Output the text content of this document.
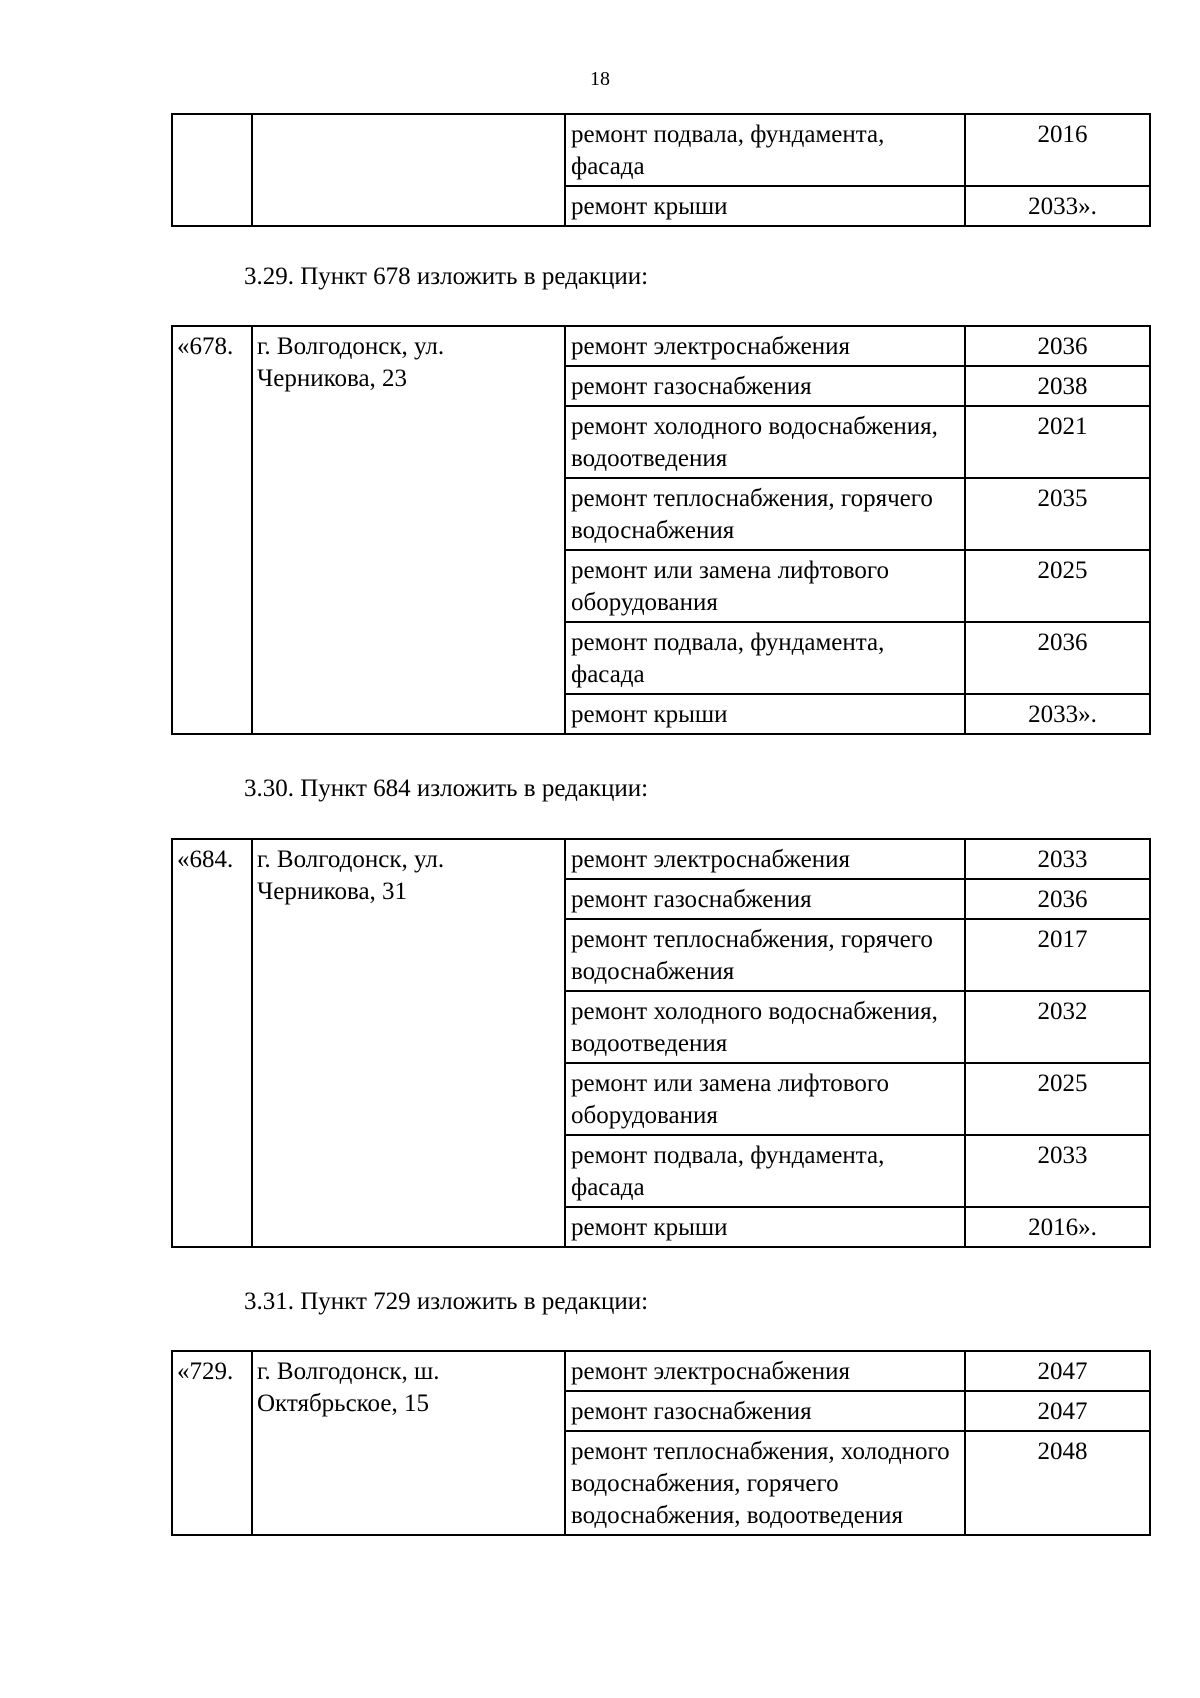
18
		ремонт подвала, фундамента, фасада	2016
		ремонт крыши	2033».
3.29. Пункт 678 изложить в редакции:
«678.	г. Волгодонск, ул. Черникова, 23	ремонт электроснабжения	2036
		ремонт газоснабжения	2038
		ремонт холодного водоснабжения, водоотведения	2021
		ремонт теплоснабжения, горячего водоснабжения	2035
		ремонт или замена лифтового оборудования	2025
		ремонт подвала, фундамента, фасада	2036
		ремонт крыши	2033».
3.30. Пункт 684 изложить в редакции:
«684.	г. Волгодонск, ул. Черникова, 31	ремонт электроснабжения	2033
		ремонт газоснабжения	2036
		ремонт теплоснабжения, горячего водоснабжения	2017
		ремонт холодного водоснабжения, водоотведения	2032
		ремонт или замена лифтового оборудования	2025
		ремонт подвала, фундамента, фасада	2033
		ремонт крыши	2016».
3.31. Пункт 729 изложить в редакции:
«729.	г. Волгодонск, ш. Октябрьское, 15	ремонт электроснабжения	2047
		ремонт газоснабжения	2047
		ремонт теплоснабжения, холодного водоснабжения, горячего водоснабжения, водоотведения	2048
